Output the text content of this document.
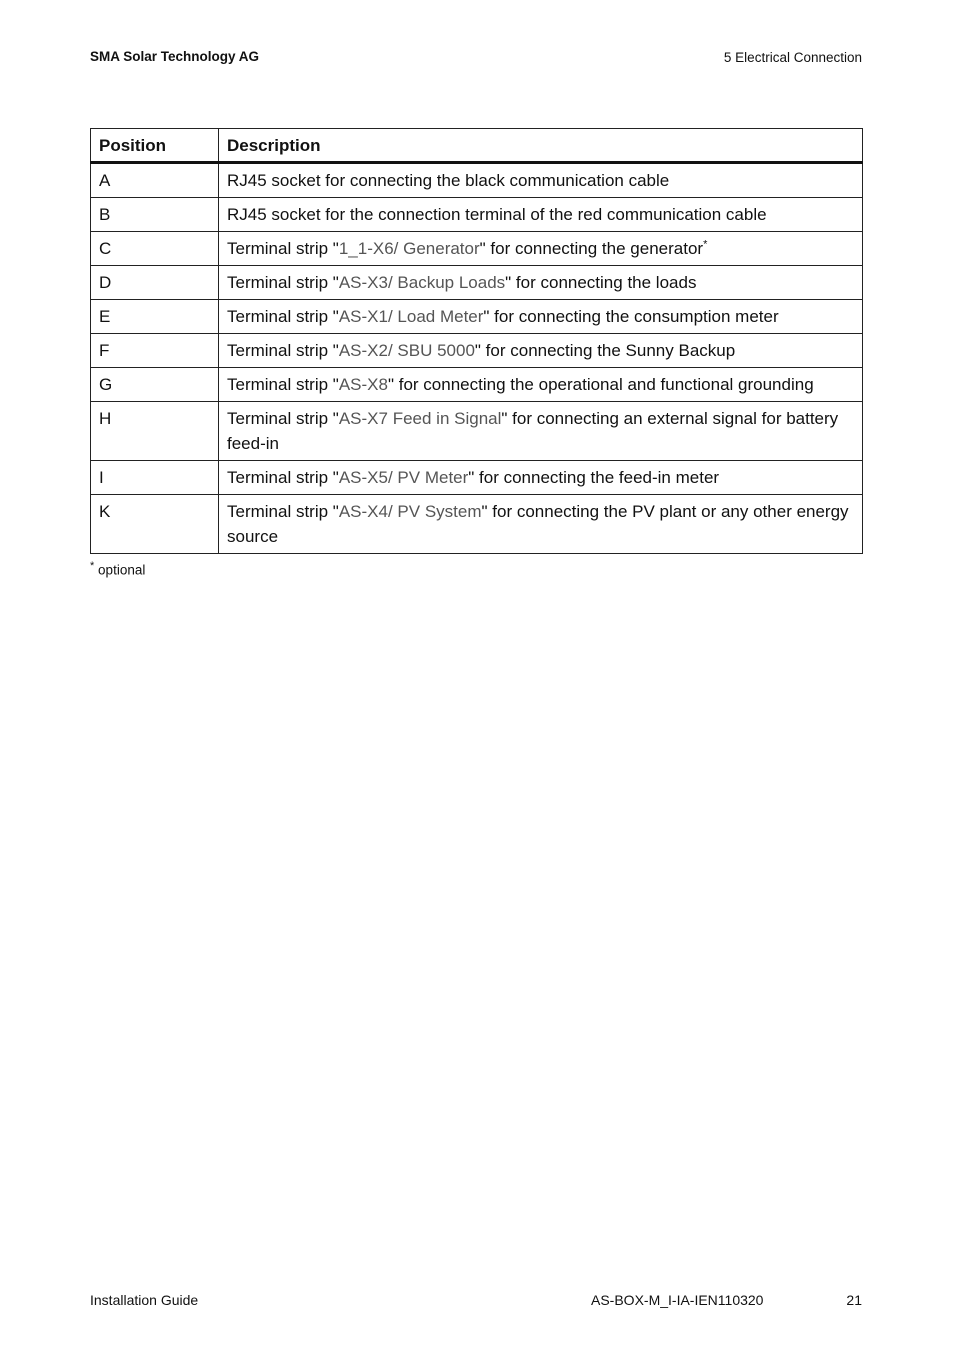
SMA Solar Technology AG	5 Electrical Connection
Position	Description
A	RJ45 socket for connecting the black communication cable
B	RJ45 socket for the connection terminal of the red communication cable
C	Terminal strip "1_1-X6/ Generator" for connecting the generator*
D	Terminal strip "AS-X3/ Backup Loads" for connecting the loads
E	Terminal strip "AS-X1/ Load Meter" for connecting the consumption meter
F	Terminal strip "AS-X2/ SBU 5000" for connecting the Sunny Backup
G	Terminal strip "AS-X8" for connecting the operational and functional grounding
H	Terminal strip "AS-X7 Feed in Signal" for connecting an external signal for battery feed-in
I	Terminal strip "AS-X5/ PV Meter" for connecting the feed-in meter
K	Terminal strip "AS-X4/ PV System" for connecting the PV plant or any other energy source
* optional
Installation Guide	AS-BOX-M_I-IA-IEN110320	21
